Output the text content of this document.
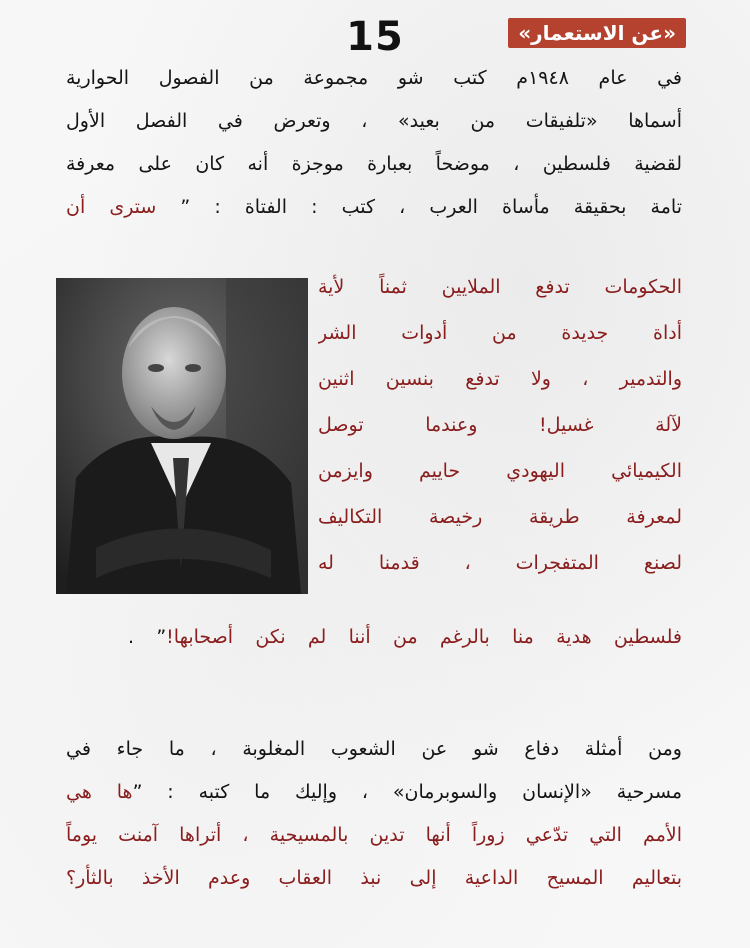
15	«عن الاستعمار»
في عام ١٩٤٨م كتب شو مجموعة من الفصول الحوارية
أسماها «تلفيقات من بعيد» ، وتعرض في الفصل الأول
لقضية فلسطين ، موضحاً بعبارة موجزة أنه كان على معرفة
تامة بحقيقة مأساة العرب ، كتب : الفتاة : ” سترى أن
الحكومات تدفع الملايين ثمناً لأية
أداة جديدة من أدوات الشر
والتدمير ، ولا تدفع بنسين اثنين
لآلة غسيل! وعندما توصل
الكيميائي اليهودي حاييم وايزمن
لمعرفة طريقة رخيصة التكاليف
لصنع المتفجرات ، قدمنا له
فلسطين هدية منا بالرغم من أننا لم نكن أصحابها!” .
ومن أمثلة دفاع شو عن الشعوب المغلوبة ، ما جاء في
مسرحية «الإنسان والسوبرمان» ، وإليك ما كتبه : ”ها هي
الأمم التي تدّعي زوراً أنها تدين بالمسيحية ، أتراها آمنت يوماً
بتعاليم المسيح الداعية إلى نبذ العقاب وعدم الأخذ بالثأر؟
